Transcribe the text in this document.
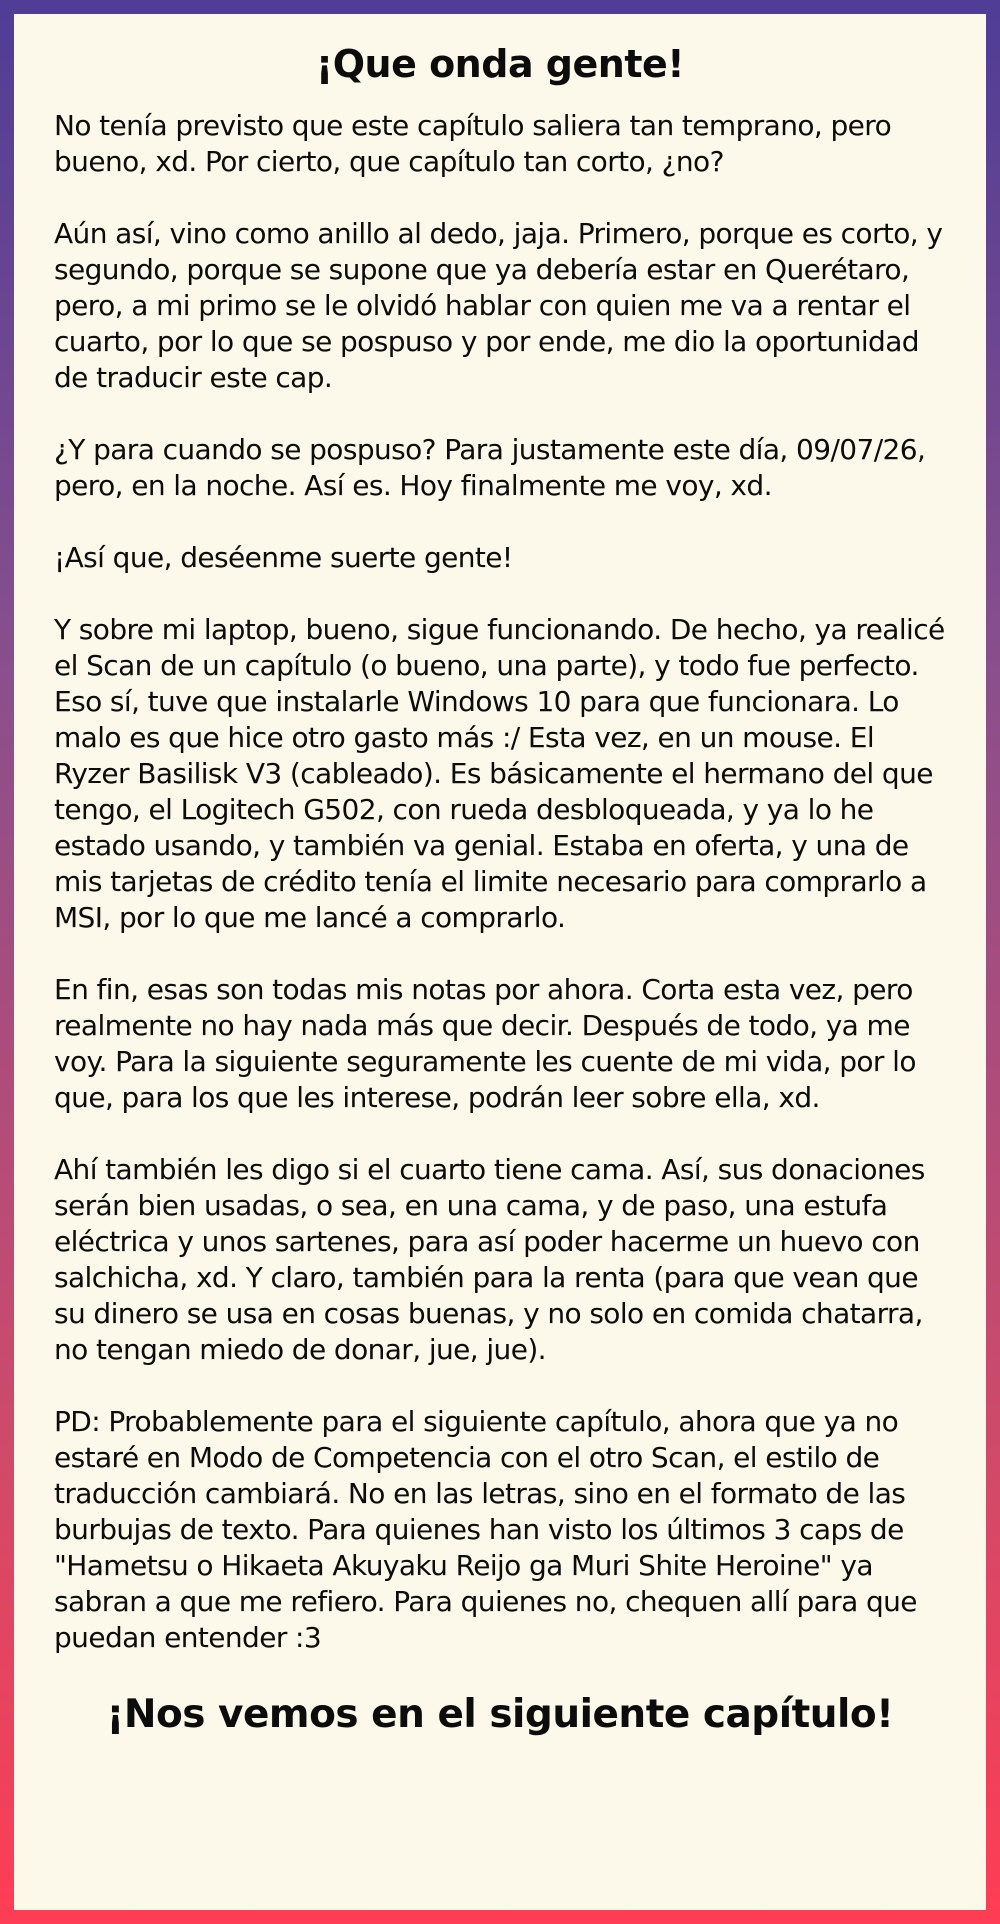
¡Que onda gente!

No tenía previsto que este capítulo saliera tan temprano, pero bueno, xd. Por cierto, que capítulo tan corto, ¿no?

Aún así, vino como anillo al dedo, jaja. Primero, porque es corto, y segundo, porque se supone que ya debería estar en Querétaro, pero, a mi primo se le olvidó hablar con quien me va a rentar el cuarto, por lo que se pospuso y por ende, me dio la oportunidad de traducir este cap.

¿Y para cuando se pospuso? Para justamente este día, 09/07/26, pero, en la noche. Así es. Hoy finalmente me voy, xd.

¡Así que, deséenme suerte gente!

Y sobre mi laptop, bueno, sigue funcionando. De hecho, ya realicé el Scan de un capítulo (o bueno, una parte), y todo fue perfecto. Eso sí, tuve que instalarle Windows 10 para que funcionara. Lo malo es que hice otro gasto más :/ Esta vez, en un mouse. El Ryzer Basilisk V3 (cableado). Es básicamente el hermano del que tengo, el Logitech G502, con rueda desbloqueada, y ya lo he estado usando, y también va genial. Estaba en oferta, y una de mis tarjetas de crédito tenía el limite necesario para comprarlo a MSI, por lo que me lancé a comprarlo.

En fin, esas son todas mis notas por ahora. Corta esta vez, pero realmente no hay nada más que decir. Después de todo, ya me voy. Para la siguiente seguramente les cuente de mi vida, por lo que, para los que les interese, podrán leer sobre ella, xd.

Ahí también les digo si el cuarto tiene cama. Así, sus donaciones serán bien usadas, o sea, en una cama, y de paso, una estufa eléctrica y unos sartenes, para así poder hacerme un huevo con salchicha, xd. Y claro, también para la renta (para que vean que su dinero se usa en cosas buenas, y no solo en comida chatarra, no tengan miedo de donar, jue, jue).

PD: Probablemente para el siguiente capítulo, ahora que ya no estaré en Modo de Competencia con el otro Scan, el estilo de traducción cambiará. No en las letras, sino en el formato de las burbujas de texto. Para quienes han visto los últimos 3 caps de "Hametsu o Hikaeta Akuyaku Reijo ga Muri Shite Heroine" ya sabran a que me refiero. Para quienes no, chequen allí para que puedan entender :3

¡Nos vemos en el siguiente capítulo!
